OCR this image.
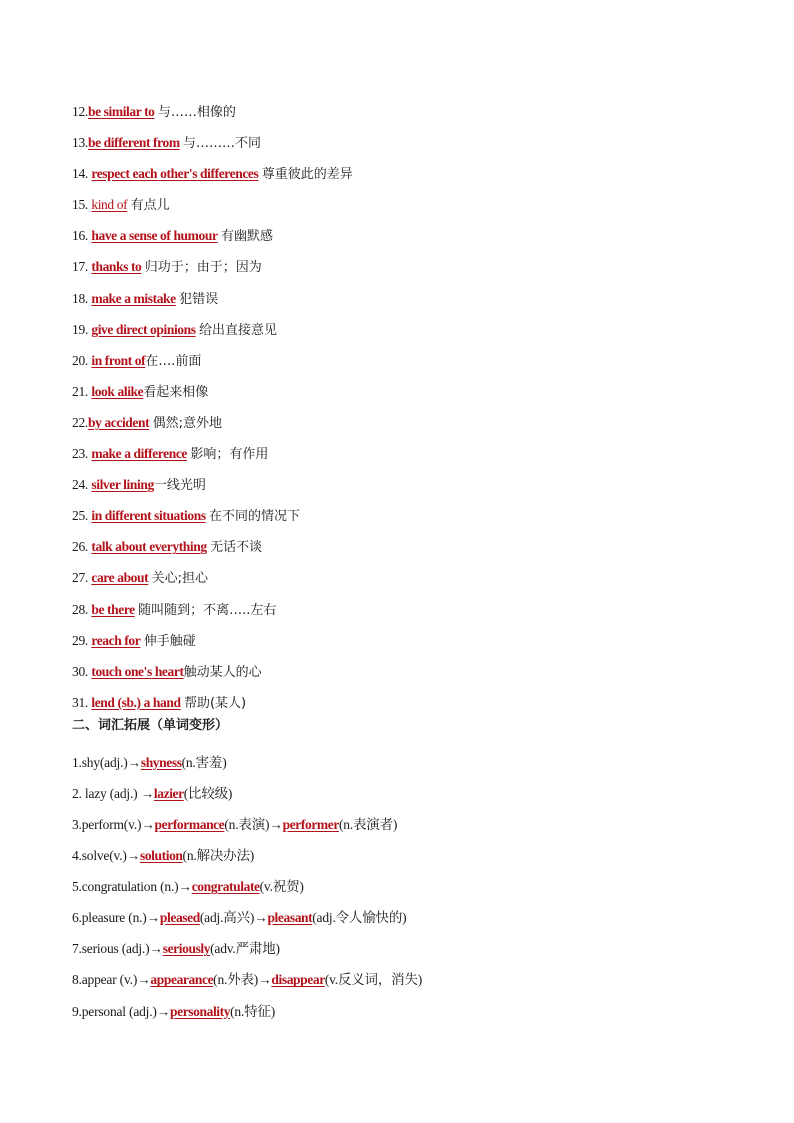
12.be similar to 与……相像的
13.be different from 与………不同
14. respect each other's differences 尊重彼此的差异
15. kind of 有点儿
16. have a sense of humour 有幽默感
17. thanks to 归功于；由于；因为
18. make a mistake 犯错误
19. give direct opinions 给出直接意见
20. in front of在….前面
21. look alike看起来相像
22.by accident 偶然;意外地
23. make a difference 影响；有作用
24. silver lining一线光明
25. in different situations 在不同的情况下
26. talk about everything 无话不谈
27. care about 关心;担心
28. be there 随叫随到；不离…..左右
29. reach for 伸手触碰
30. touch one's heart触动某人的心
31. lend (sb.) a hand 帮助(某人)
二、词汇拓展（单词变形）
1.shy(adj.)→shyness(n.害羞)
2. lazy (adj.) →lazier(比较级)
3.perform(v.)→performance(n.表演)→performer(n.表演者)
4.solve(v.)→solution(n.解决办法)
5.congratulation (n.)→congratulate(v.祝贺)
6.pleasure (n.)→pleased(adj.高兴)→pleasant(adj.令人愉快的)
7.serious (adj.)→seriously(adv.严肃地)
8.appear (v.)→appearance(n.外表)→disappear(v.反义词，消失)
9.personal (adj.)→personality(n.特征)
